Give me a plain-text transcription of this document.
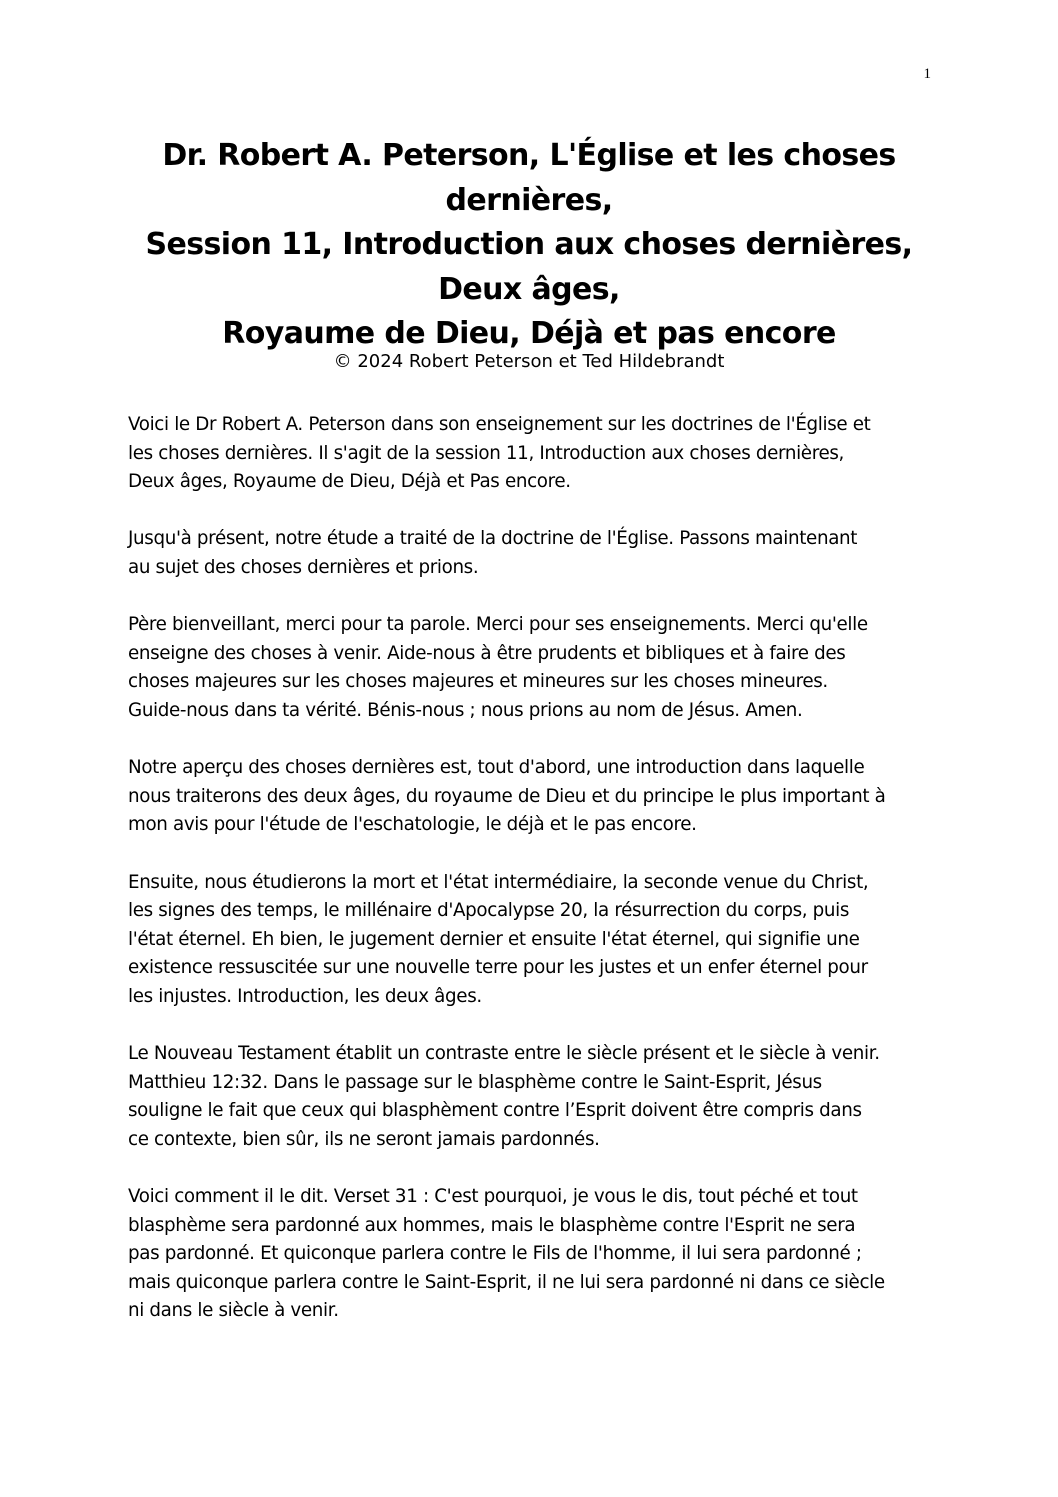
1
Dr. Robert A. Peterson, L'Église et les choses
dernières,
Session 11, Introduction aux choses dernières,
Deux âges,
Royaume de Dieu, Déjà et pas encore
© 2024 Robert Peterson et Ted Hildebrandt

Voici le Dr Robert A. Peterson dans son enseignement sur les doctrines de l'Église et
les choses dernières. Il s'agit de la session 11, Introduction aux choses dernières,
Deux âges, Royaume de Dieu, Déjà et Pas encore.

Jusqu'à présent, notre étude a traité de la doctrine de l'Église. Passons maintenant
au sujet des choses dernières et prions.

Père bienveillant, merci pour ta parole. Merci pour ses enseignements. Merci qu'elle
enseigne des choses à venir. Aide-nous à être prudents et bibliques et à faire des
choses majeures sur les choses majeures et mineures sur les choses mineures.
Guide-nous dans ta vérité. Bénis-nous ; nous prions au nom de Jésus. Amen.

Notre aperçu des choses dernières est, tout d'abord, une introduction dans laquelle
nous traiterons des deux âges, du royaume de Dieu et du principe le plus important à
mon avis pour l'étude de l'eschatologie, le déjà et le pas encore.

Ensuite, nous étudierons la mort et l'état intermédiaire, la seconde venue du Christ,
les signes des temps, le millénaire d'Apocalypse 20, la résurrection du corps, puis
l'état éternel. Eh bien, le jugement dernier et ensuite l'état éternel, qui signifie une
existence ressuscitée sur une nouvelle terre pour les justes et un enfer éternel pour
les injustes. Introduction, les deux âges.

Le Nouveau Testament établit un contraste entre le siècle présent et le siècle à venir.
Matthieu 12:32. Dans le passage sur le blasphème contre le Saint-Esprit, Jésus
souligne le fait que ceux qui blasphèment contre l’Esprit doivent être compris dans
ce contexte, bien sûr, ils ne seront jamais pardonnés.

Voici comment il le dit. Verset 31 : C'est pourquoi, je vous le dis, tout péché et tout
blasphème sera pardonné aux hommes, mais le blasphème contre l'Esprit ne sera
pas pardonné. Et quiconque parlera contre le Fils de l'homme, il lui sera pardonné ;
mais quiconque parlera contre le Saint-Esprit, il ne lui sera pardonné ni dans ce siècle
ni dans le siècle à venir.
